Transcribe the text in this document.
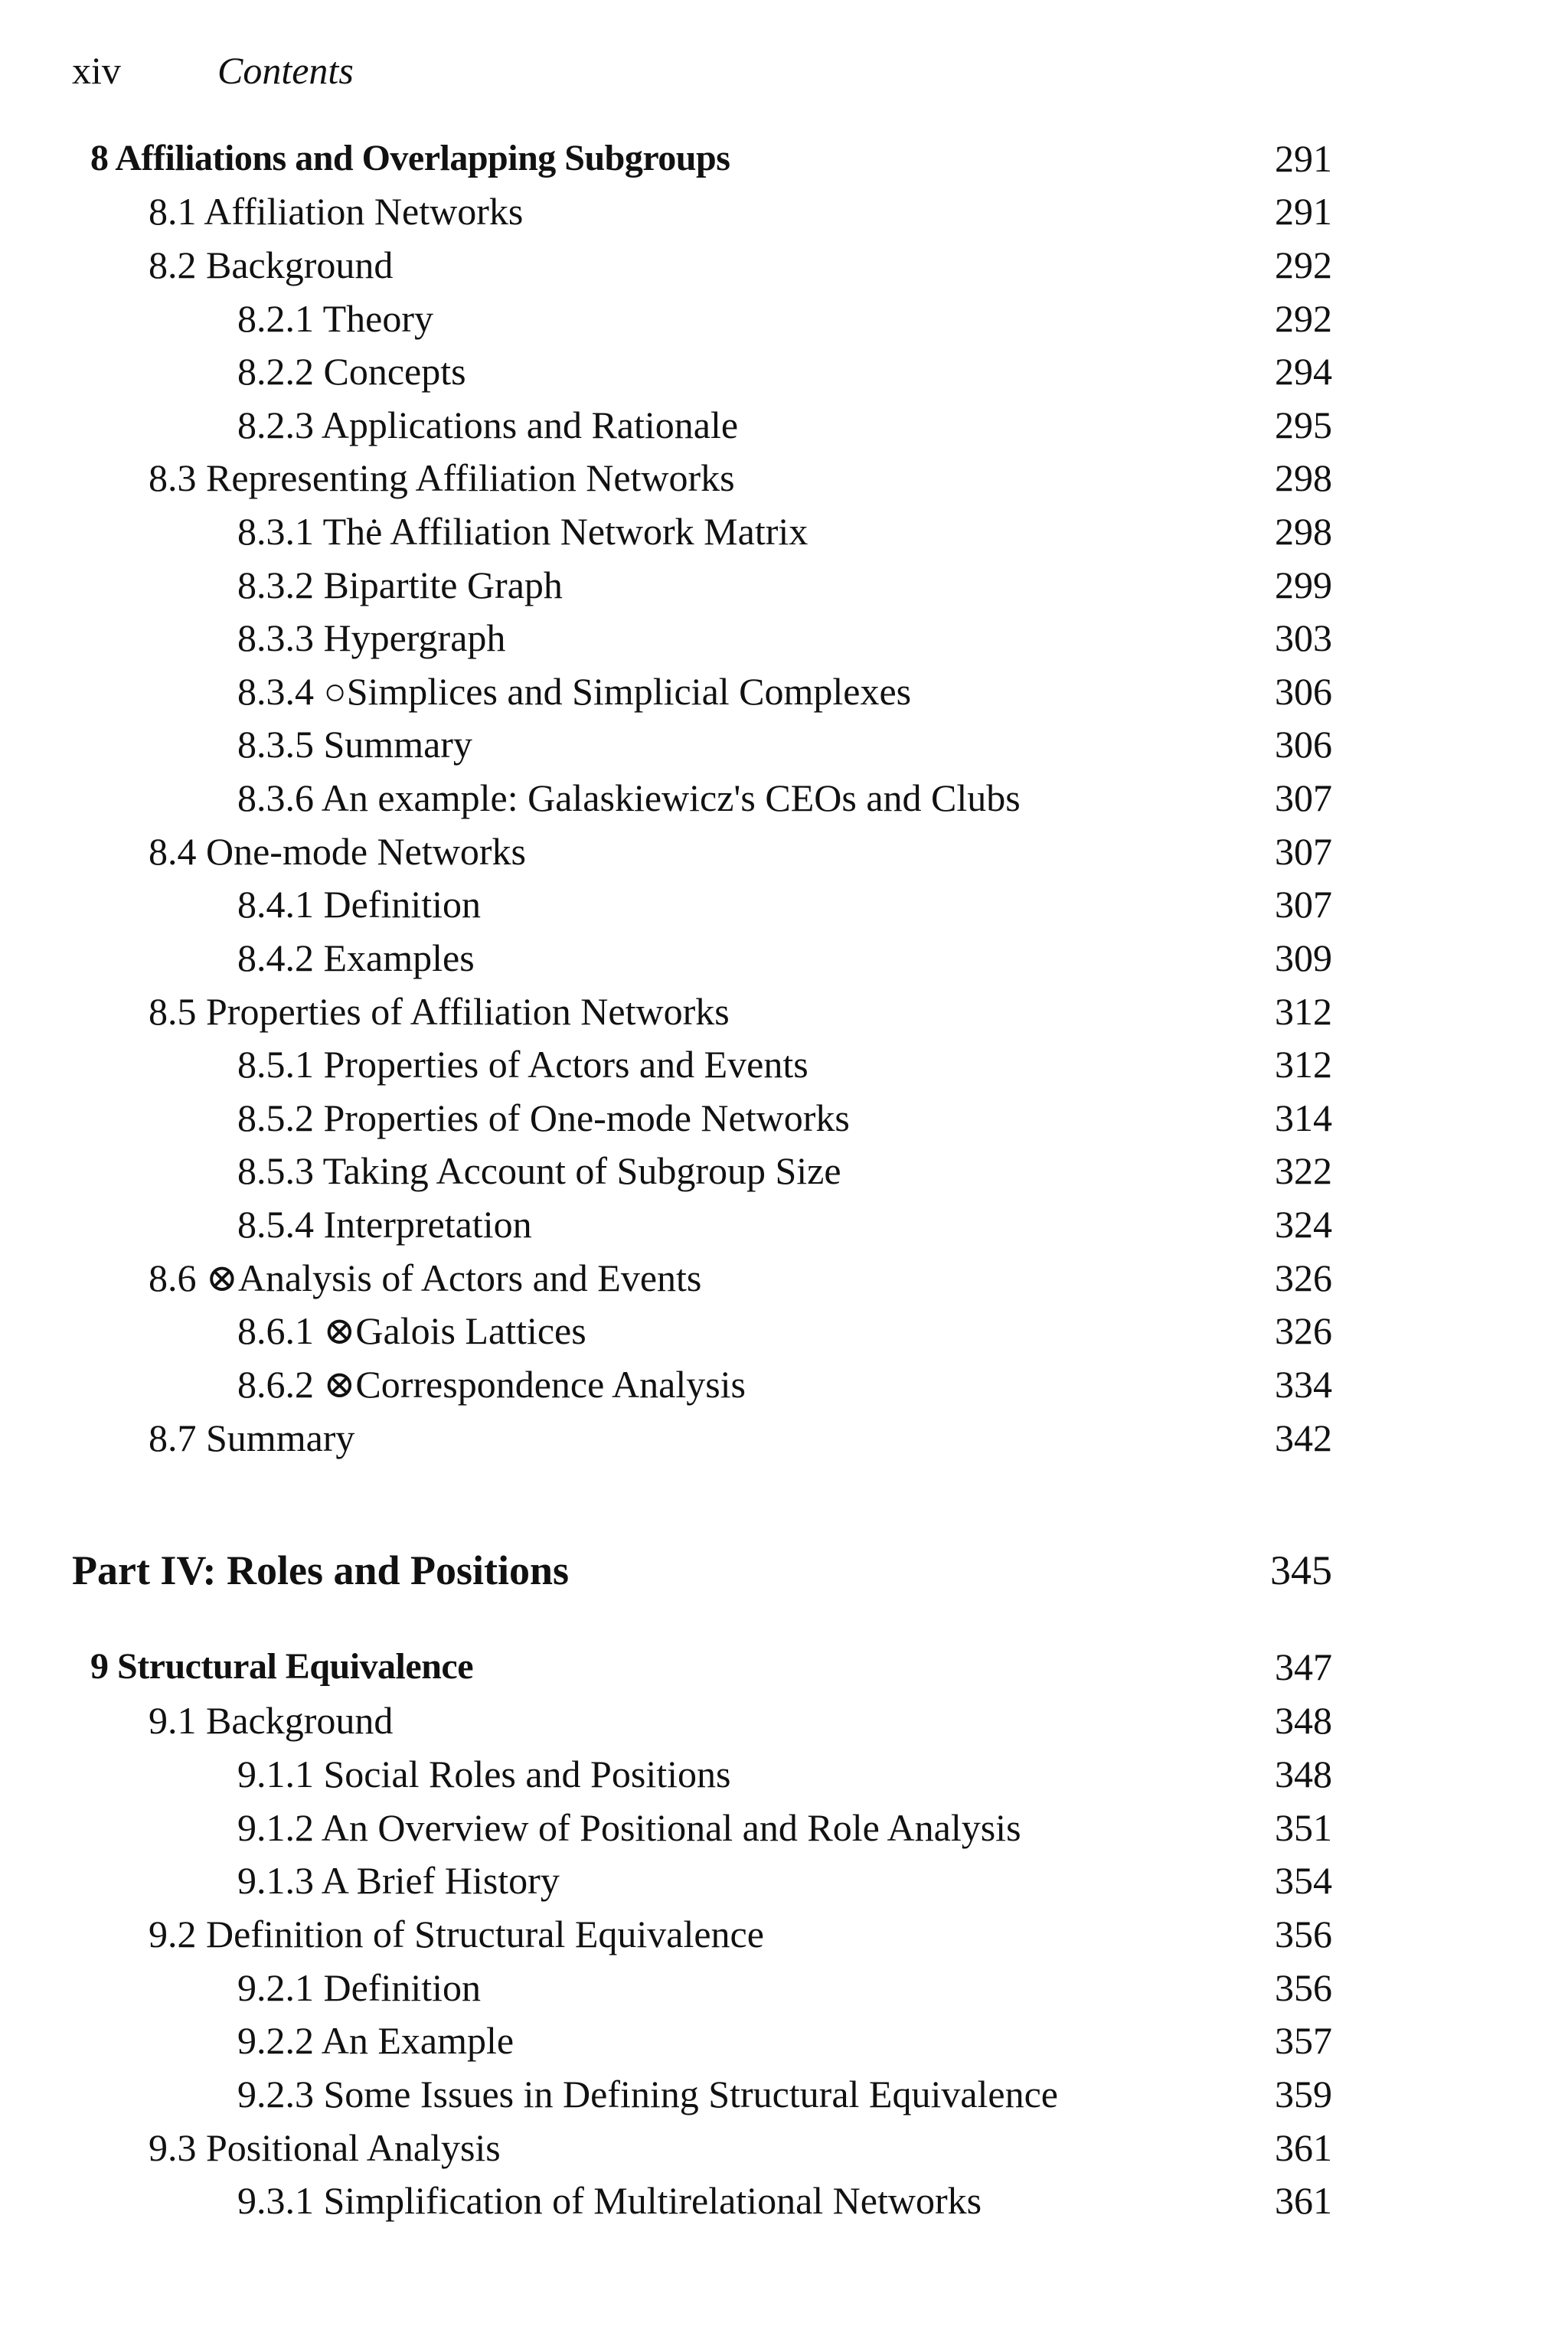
xiv	Contents
8 Affiliations and Overlapping Subgroups	291
8.1 Affiliation Networks	291
8.2 Background	292
8.2.1 Theory	292
8.2.2 Concepts	294
8.2.3 Applications and Rationale	295
8.3 Representing Affiliation Networks	298
8.3.1 Thė Affiliation Network Matrix	298
8.3.2 Bipartite Graph	299
8.3.3 Hypergraph	303
8.3.4 ○Simplices and Simplicial Complexes	306
8.3.5 Summary	306
8.3.6 An example: Galaskiewicz's CEOs and Clubs	307
8.4 One-mode Networks	307
8.4.1 Definition	307
8.4.2 Examples	309
8.5 Properties of Affiliation Networks	312
8.5.1 Properties of Actors and Events	312
8.5.2 Properties of One-mode Networks	314
8.5.3 Taking Account of Subgroup Size	322
8.5.4 Interpretation	324
8.6 ⊗Analysis of Actors and Events	326
8.6.1 ⊗Galois Lattices	326
8.6.2 ⊗Correspondence Analysis	334
8.7 Summary	342
Part IV: Roles and Positions	345
9 Structural Equivalence	347
9.1 Background	348
9.1.1 Social Roles and Positions	348
9.1.2 An Overview of Positional and Role Analysis	351
9.1.3 A Brief History	354
9.2 Definition of Structural Equivalence	356
9.2.1 Definition	356
9.2.2 An Example	357
9.2.3 Some Issues in Defining Structural Equivalence	359
9.3 Positional Analysis	361
9.3.1 Simplification of Multirelational Networks	361
